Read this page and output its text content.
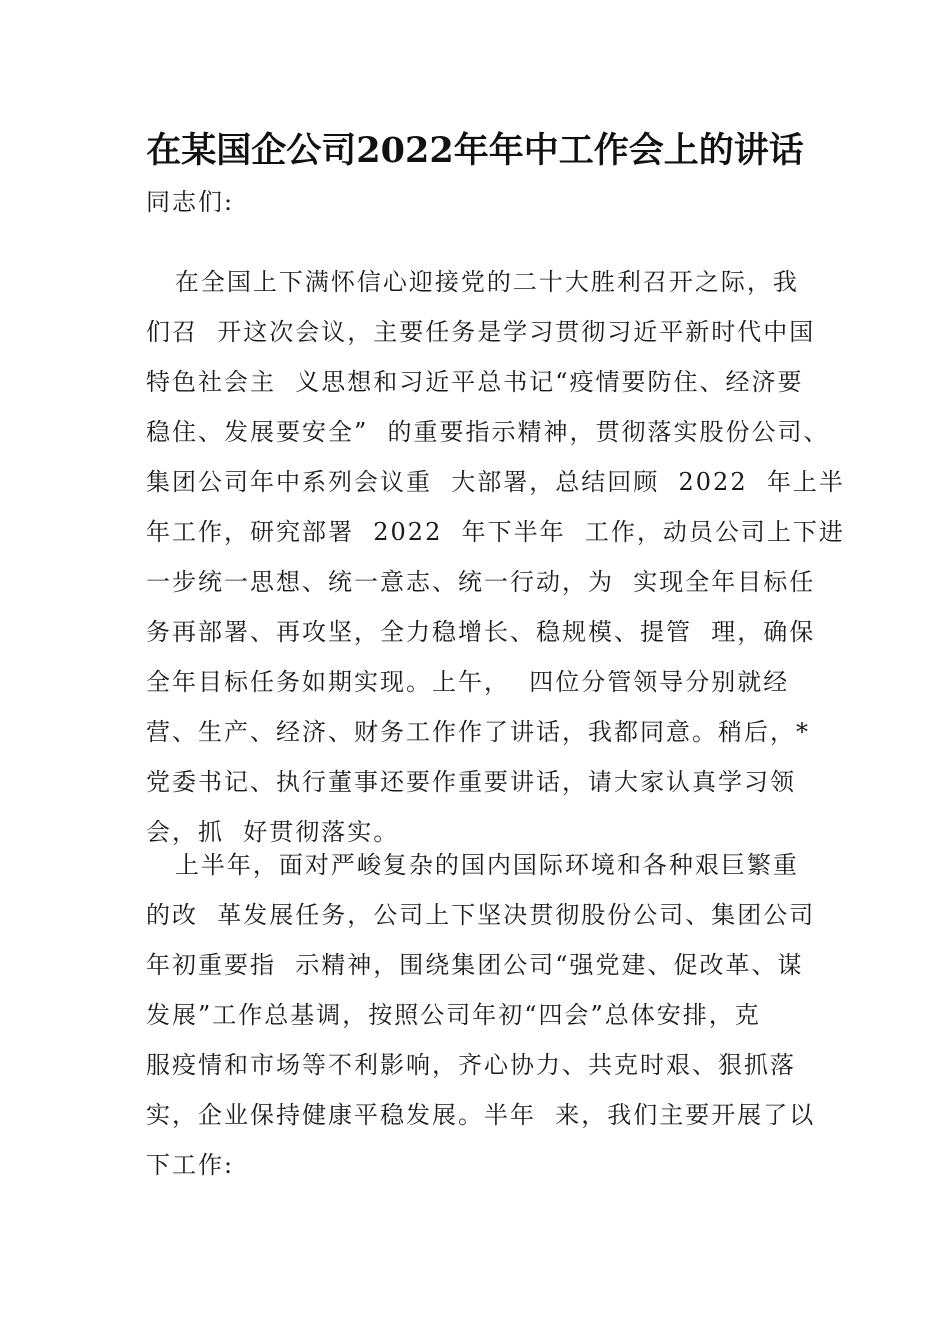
在某国企公司2022年年中工作会上的讲话
同志们:
在全国上下满怀信心迎接党的二十大胜利召开之际，我
们召  开这次会议，主要任务是学习贯彻习近平新时代中国
特色社会主  义思想和习近平总书记“疫情要防住、经济要
稳住、发展要安全”  的重要指示精神，贯彻落实股份公司、
集团公司年中系列会议重  大部署，总结回顾  2022  年上半
年工作，研究部署  2022  年下半年  工作，动员公司上下进
一步统一思想、统一意志、统一行动，为  实现全年目标任
务再部署、再攻坚，全力稳增长、稳规模、提管  理，确保
全年目标任务如期实现。上午，  四位分管领导分别就经
营、生产、经济、财务工作作了讲话，我都同意。稍后，*
党委书记、执行董事还要作重要讲话，请大家认真学习领
会，抓  好贯彻落实。
上半年，面对严峻复杂的国内国际环境和各种艰巨繁重
的改  革发展任务，公司上下坚决贯彻股份公司、集团公司
年初重要指  示精神，围绕集团公司“强党建、促改革、谋
发展”工作总基调，按照公司年初“四会”总体安排，克
服疫情和市场等不利影响，齐心协力、共克时艰、狠抓落
实，企业保持健康平稳发展。半年  来，我们主要开展了以
下工作:
